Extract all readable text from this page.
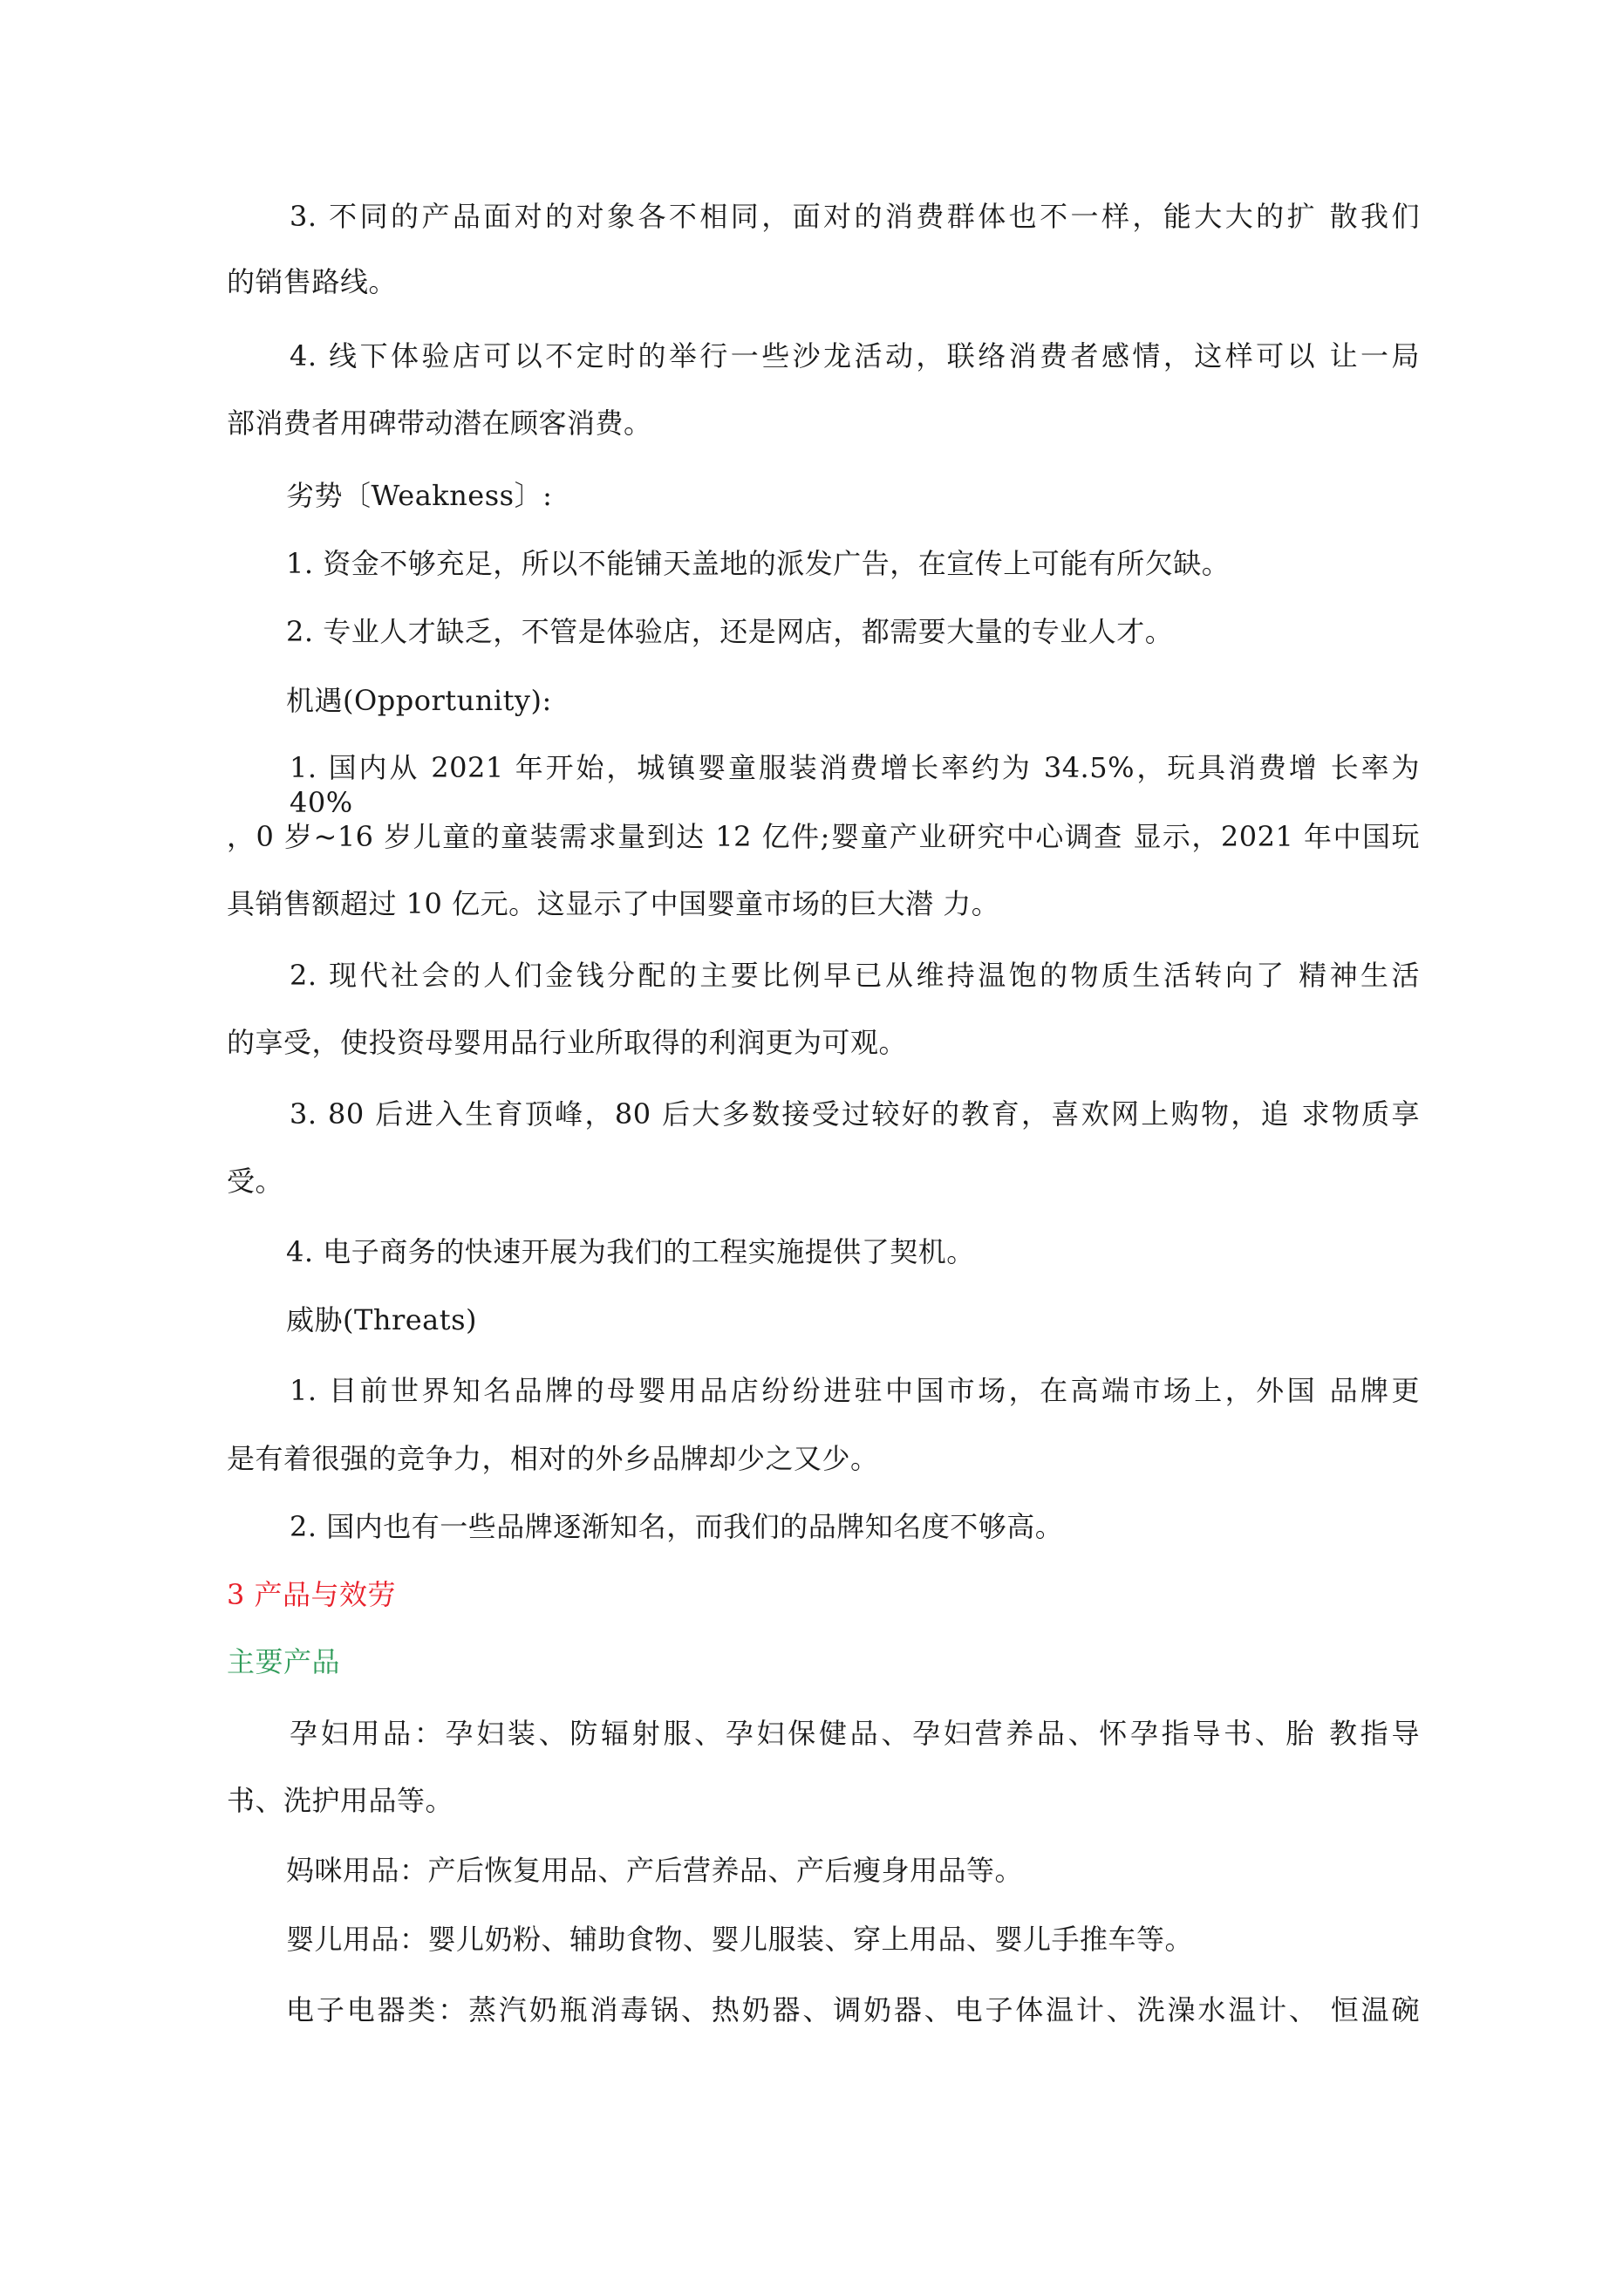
3. 不同的产品面对的对象各不相同，面对的消费群体也不一样，能大大的扩 散我们
的销售路线。
4. 线下体验店可以不定时的举行一些沙龙活动，联络消费者感情，这样可以 让一局
部消费者用碑带动潜在顾客消费。
劣势〔Weakness〕:
1. 资金不够充足，所以不能铺天盖地的派发广告，在宣传上可能有所欠缺。
2. 专业人才缺乏，不管是体验店，还是网店，都需要大量的专业人才。
机遇(Opportunity):
1. 国内从 2021 年开始，城镇婴童服装消费增长率约为 34.5%，玩具消费增 长率为 40%
，0 岁~16 岁儿童的童装需求量到达 12 亿件;婴童产业研究中心调查 显示，2021 年中国玩
具销售额超过 10 亿元。这显示了中国婴童市场的巨大潜 力。
2. 现代社会的人们金钱分配的主要比例早已从维持温饱的物质生活转向了 精神生活
的享受，使投资母婴用品行业所取得的利润更为可观。
3. 80 后进入生育顶峰，80 后大多数接受过较好的教育，喜欢网上购物，追 求物质享
受。
4. 电子商务的快速开展为我们的工程实施提供了契机。
威胁(Threats)
1. 目前世界知名品牌的母婴用品店纷纷进驻中国市场，在高端市场上，外国 品牌更
是有着很强的竞争力，相对的外乡品牌却少之又少。
2. 国内也有一些品牌逐渐知名，而我们的品牌知名度不够高。
3 产品与效劳
主要产品
孕妇用品：孕妇装、防辐射服、孕妇保健品、孕妇营养品、怀孕指导书、胎 教指导
书、洗护用品等。
妈咪用品：产后恢复用品、产后营养品、产后瘦身用品等。
婴儿用品：婴儿奶粉、辅助食物、婴儿服装、穿上用品、婴儿手推车等。
电子电器类：蒸汽奶瓶消毒锅、热奶器、调奶器、电子体温计、洗澡水温计、 恒温碗
